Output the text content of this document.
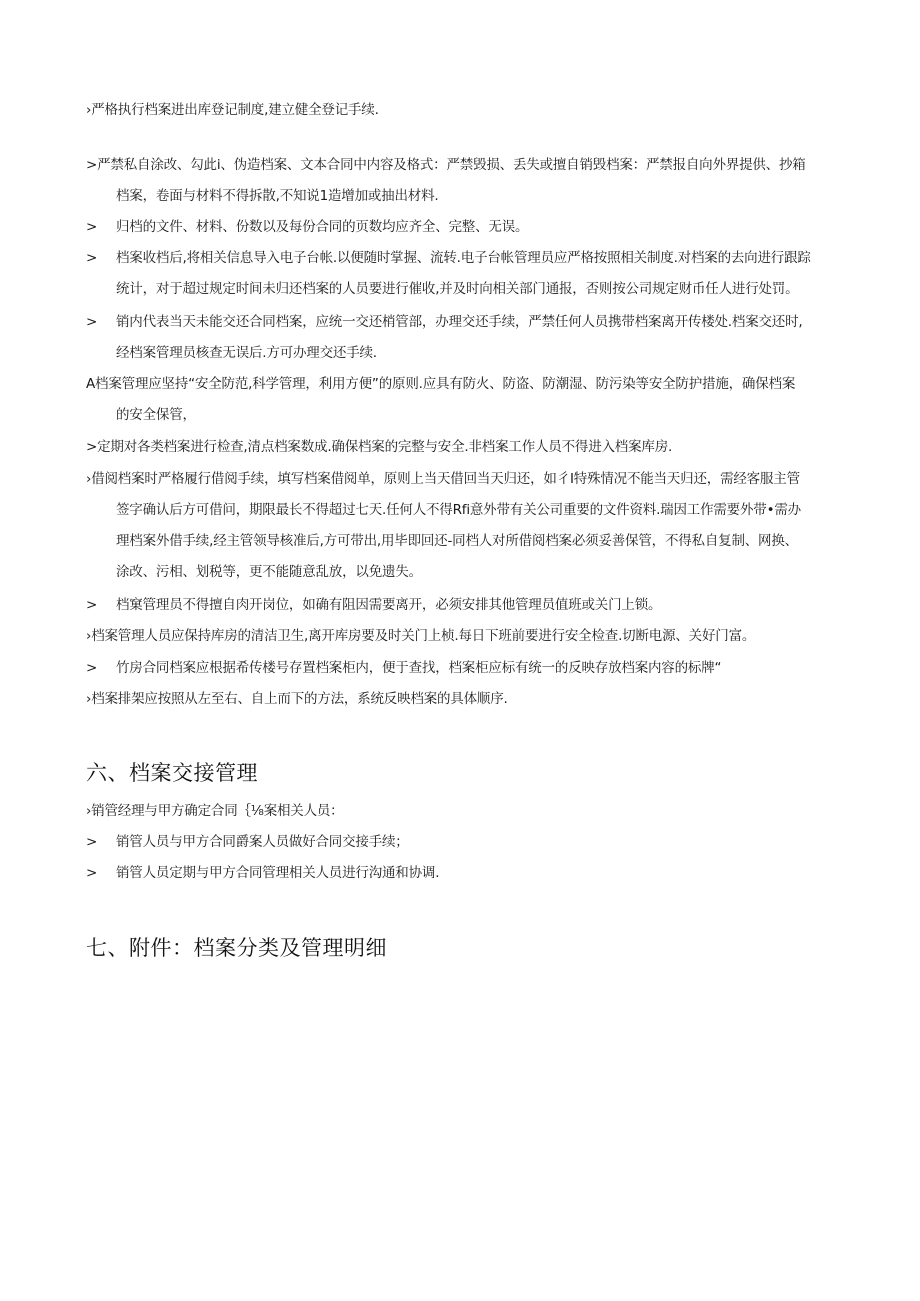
›严格执行档案进出库登记制度,建立健全登记手续.
>严禁私自涂改、勾此i、伪造档案、文本合同中内容及格式：严禁毁损、丢失或擅自销毁档案：严禁报自向外界提供、抄箱
档案，卷面与材料不得拆散,不知说1造增加或抽出材料.
> 归档的文件、材料、份数以及每份合同的页数均应齐全、完整、无误。
> 档案收档后,将相关信息导入电子台帐.以便随时掌握、流转.电子台帐管理员应严格按照相关制度.对档案的去向进行跟踪
统计，对于超过规定时间未归还档案的人员要进行催收,并及时向相关部门通报，否则按公司规定财币任人进行处罚。
> 销内代表当天未能交还合同档案，应统一交还梢管部，办理交还手续，严禁任何人员携带档案离开传楼处.档案交还时,
经档案管理员核查无误后.方可办理交还手续.
A档案管理应坚持“安全防范,科学管理，利用方便”的原则.应具有防火、防盗、防潮湿、防污染等安全防护措施，确保档案
的安全保管，
>定期对各类档案进行检查,清点档案数成.确保档案的完整与安全.非档案工作人员不得进入档案库房.
›借阅档案时严格履行借阅手续，填写档案借阅单，原则上当天借回当天归还，如彳I特殊情况不能当天归还，需经客服主管
签字确认后方可借问，期限最长不得超过七天.任何人不得Rfi意外带有关公司重要的文件资料.瑞因工作需要外带•需办
理档案外借手续,经主管领导核准后,方可带出,用毕即回还-同档人对所借阅档案必须妥善保管，不得私自复制、网换、
涂改、污相、划税等，更不能随意乱放，以免遗失。
> 档窠管理员不得擅自肉开岗位，如确有阻因需要离开，必须安排其他管理员值班或关门上锁。
›档案管理人员应保持库房的清洁卫生,离开库房要及时关门上桢.每日下班前要进行安全检查.切断电源、关好门富。
> 竹房合同档案应根据希传楼号存置档案柜内，便于查找，档案柜应标有统一的反映存放档案内容的标牌“
›档案排架应按照从左至右、自上而下的方法，系统反映档案的具体顺序.
六、档案交接管理
›销管经理与甲方确定合同｛⅛案相关人员：
> 销管人员与甲方合同爵案人员做好合同交接手续；
> 销管人员定期与甲方合同管理相关人员进行沟通和协调.
七、附件：档案分类及管理明细
